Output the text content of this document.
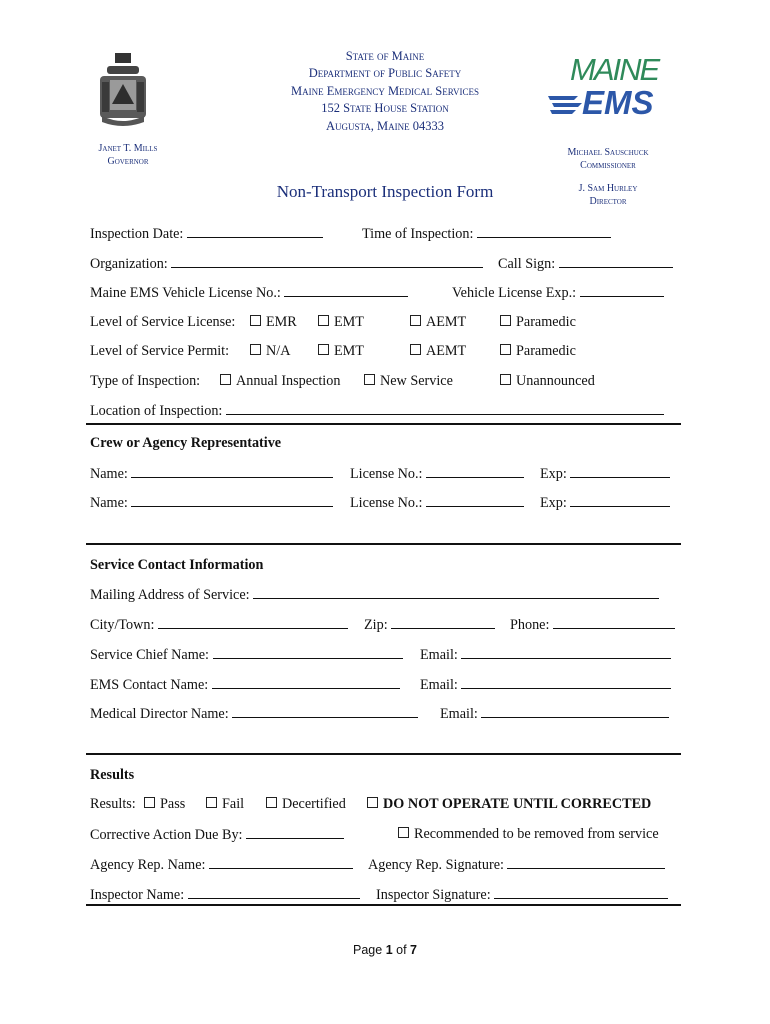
State of Maine
Department of Public Safety
Maine Emergency Medical Services
152 State House Station
Augusta, Maine 04333
Janet T. Mills
Governor
MAINE
EMS
Michael Sauschuck
Commissioner
J. Sam Hurley
Director
Non-Transport Inspection Form
Inspection Date:	Time of Inspection:
Organization:	Call Sign:
Maine EMS Vehicle License No.:	Vehicle License Exp.:
Level of Service License:	EMR	EMT	AEMT	Paramedic
Level of Service Permit:	N/A	EMT	AEMT	Paramedic
Type of Inspection:	Annual Inspection	New Service	Unannounced
Location of Inspection:
Crew or Agency Representative
Name:	License No.:	Exp:
Name:	License No.:	Exp:
Service Contact Information
Mailing Address of Service:
City/Town:	Zip:	Phone:
Service Chief Name:	Email:
EMS Contact Name:	Email:
Medical Director Name:	Email:
Results
Results:	Pass	Fail	Decertified	DO NOT OPERATE UNTIL CORRECTED
Corrective Action Due By:	Recommended to be removed from service
Agency Rep. Name:	Agency Rep. Signature:
Inspector Name:	Inspector Signature:
Page 1 of 7
